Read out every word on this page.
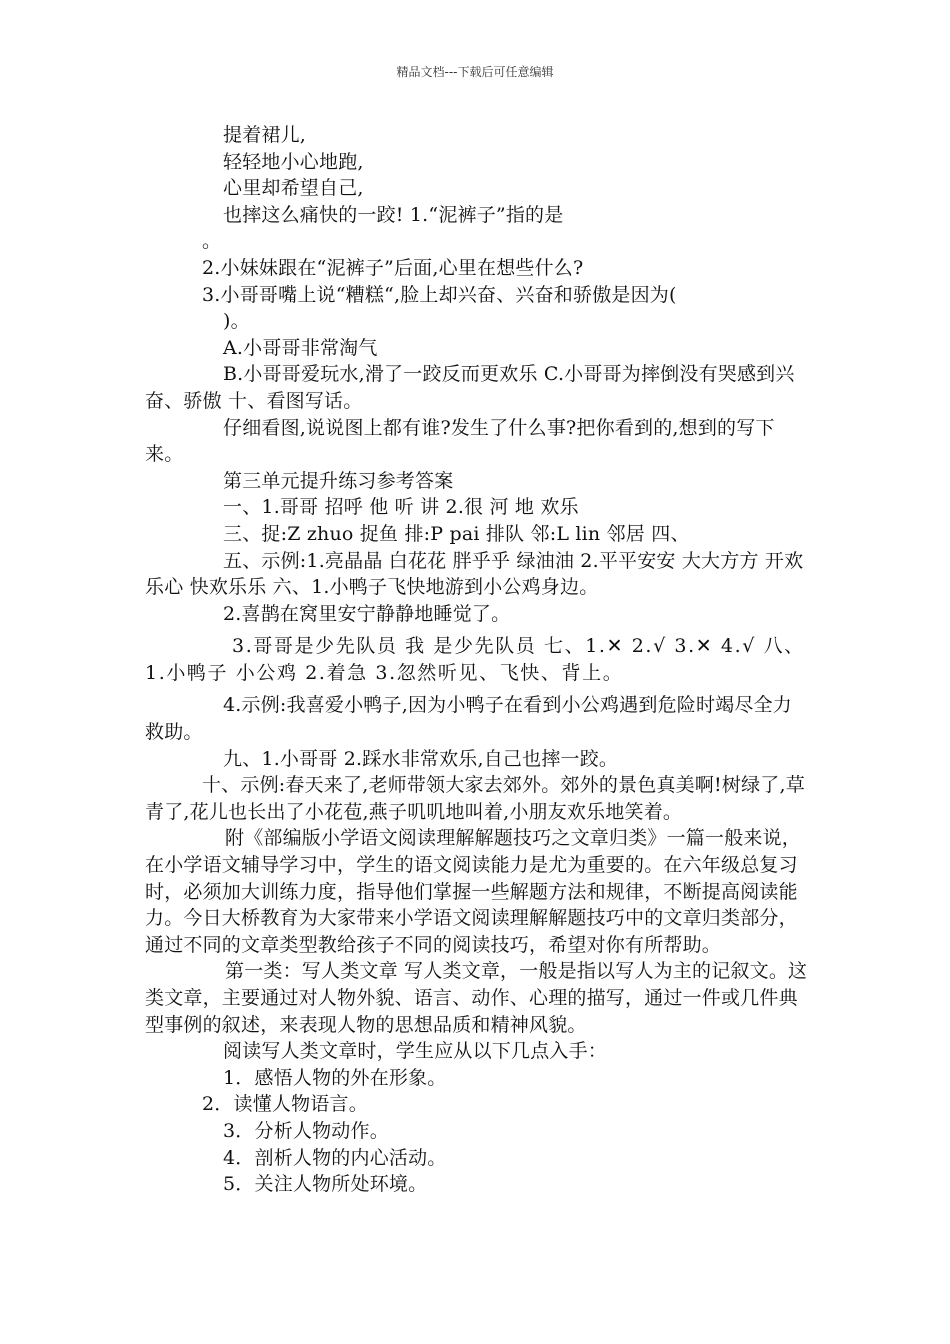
精品文档---下载后可任意编辑

提着裙儿,

轻轻地小心地跑,

心里却希望自己,

也摔这么痛快的一跤! 1.“泥裤子”指的是

。

2.小妹妹跟在“泥裤子”后面,心里在想些什么?

3.小哥哥嘴上说“糟糕“,脸上却兴奋、兴奋和骄傲是因为(

)。

A.小哥哥非常淘气

B.小哥哥爱玩水,滑了一跤反而更欢乐 C.小哥哥为摔倒没有哭感到兴奋、骄傲 十、看图写话。

仔细看图,说说图上都有谁?发生了什么事?把你看到的,想到的写下来。

第三单元提升练习参考答案

一、1.哥哥 招呼 他 听 讲 2.很 河 地 欢乐

三、捉:Z zhuo 捉鱼 排:P pai 排队 邻:L lin 邻居 四、

五、示例:1.亮晶晶 白花花 胖乎乎 绿油油 2.平平安安 大大方方 开欢乐心 快欢乐乐 六、1.小鸭子飞快地游到小公鸡身边。

2.喜鹊在窝里安宁静静地睡觉了。

3.哥哥是少先队员 我 是少先队员 七、1.✕ 2.√ 3.✕ 4.√ 八、1.小鸭子 小公鸡 2.着急 3.忽然听见、飞快、背上。

4.示例:我喜爱小鸭子,因为小鸭子在看到小公鸡遇到危险时竭尽全力救助。

九、1.小哥哥 2.踩水非常欢乐,自己也摔一跤。

十、示例:春天来了,老师带领大家去郊外。郊外的景色真美啊!树绿了,草青了,花儿也长出了小花苞,燕子叽叽地叫着,小朋友欢乐地笑着。

附《部编版小学语文阅读理解解题技巧之文章归类》一篇一般来说，在小学语文辅导学习中，学生的语文阅读能力是尤为重要的。在六年级总复习时，必须加大训练力度，指导他们掌握一些解题方法和规律，不断提高阅读能力。今日大桥教育为大家带来小学语文阅读理解解题技巧中的文章归类部分，通过不同的文章类型教给孩子不同的阅读技巧，希望对你有所帮助。

第一类：写人类文章 写人类文章，一般是指以写人为主的记叙文。这类文章，主要通过对人物外貌、语言、动作、心理的描写，通过一件或几件典型事例的叙述，来表现人物的思想品质和精神风貌。

阅读写人类文章时，学生应从以下几点入手：

1．感悟人物的外在形象。

2．读懂人物语言。

3．分析人物动作。

4．剖析人物的内心活动。

5．关注人物所处环境。
